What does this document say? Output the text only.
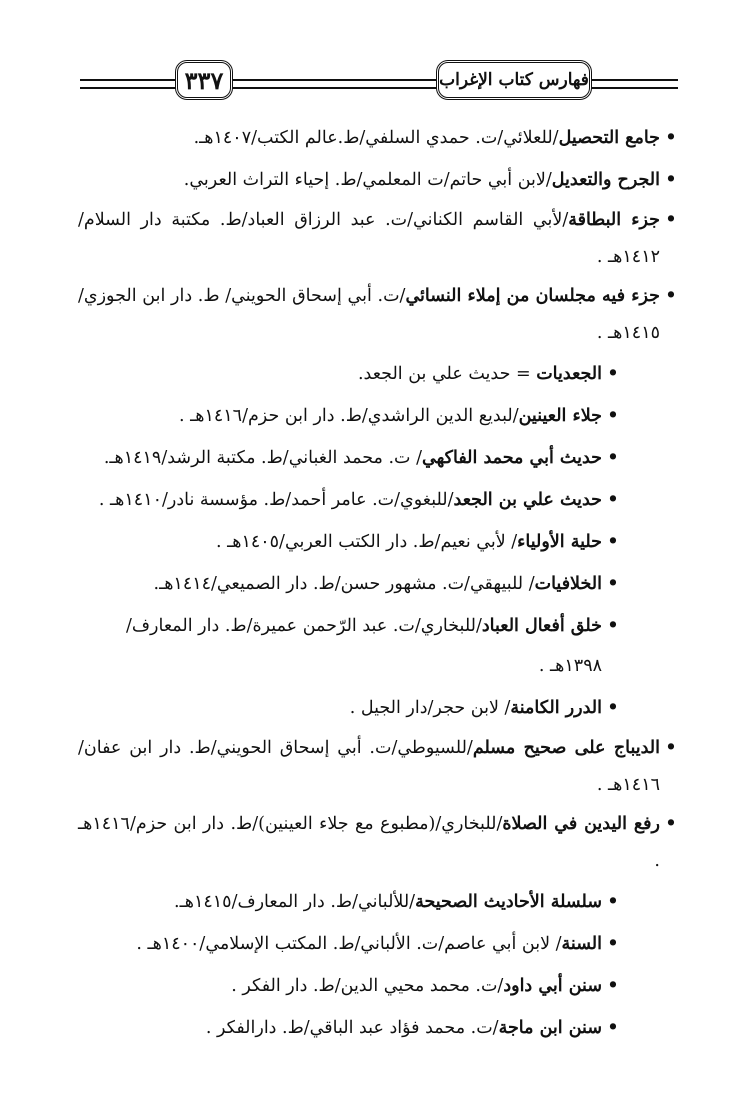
٣٣٧	فهارس كتاب الإغراب
•
جامع التحصيل/للعلائي/ت. حمدي السلفي/ط.عالم الكتب/١٤٠٧هـ.
•
الجرح والتعديل/لابن أبي حاتم/ت المعلمي/ط. إحياء التراث العربي.
•
جزء البطاقة/لأبي القاسم الكناني/ت. عبد الرزاق العباد/ط. مكتبة دار السلام/١٤١٢هـ .
•
جزء فيه مجلسان من إملاء النسائي/ت. أبي إسحاق الحويني/ ط. دار ابن الجوزي/١٤١٥هـ .
•
الجعديات = حديث علي بن الجعد.
•
جلاء العينين/لبديع الدين الراشدي/ط. دار ابن حزم/١٤١٦هـ .
•
حديث أبي محمد الفاكهي/ ت. محمد الغباني/ط. مكتبة الرشد/١٤١٩هـ.
•
حديث علي بن الجعد/للبغوي/ت. عامر أحمد/ط. مؤسسة نادر/١٤١٠هـ .
•
حلية الأولياء/ لأبي نعيم/ط. دار الكتب العربي/١٤٠٥هـ .
•
الخلافيات/ للبيهقي/ت. مشهور حسن/ط. دار الصميعي/١٤١٤هـ.
•
خلق أفعال العباد/للبخاري/ت. عبد الرّحمن عميرة/ط. دار المعارف/١٣٩٨هـ .
•
الدرر الكامنة/ لابن حجر/دار الجيل .
•
الديباج على صحيح مسلم/للسيوطي/ت. أبي إسحاق الحويني/ط. دار ابن عفان/١٤١٦هـ .
•
رفع اليدين في الصلاة/للبخاري/(مطبوع مع جلاء العينين)/ط. دار ابن حزم/١٤١٦هـ .
•
سلسلة الأحاديث الصحيحة/للألباني/ط. دار المعارف/١٤١٥هـ.
•
السنة/ لابن أبي عاصم/ت. الألباني/ط. المكتب الإسلامي/١٤٠٠هـ .
•
سنن أبي داود/ت. محمد محيي الدين/ط. دار الفكر .
•
سنن ابن ماجة/ت. محمد فؤاد عبد الباقي/ط. دارالفكر .
